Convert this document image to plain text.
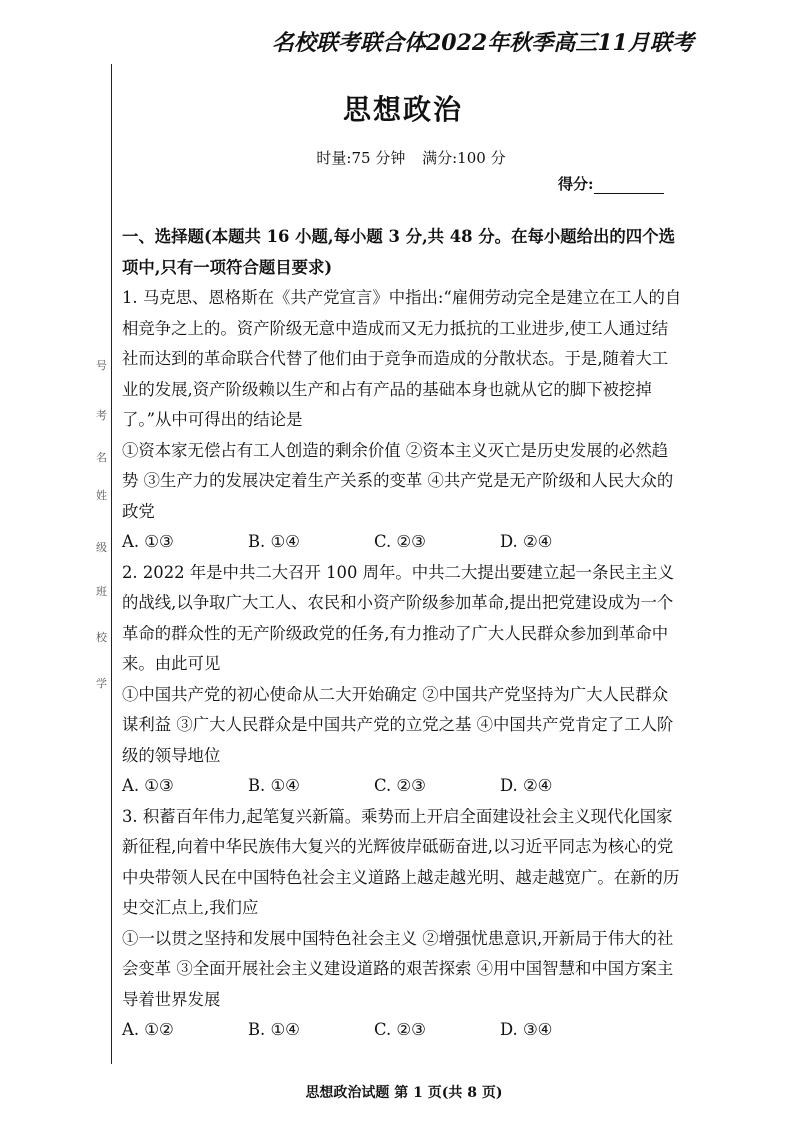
号
考
名
姓
级
班
校
学
名校联考联合体2022年秋季高三11月联考
思想政治
时量:75 分钟 满分:100 分
得分:

一、选择题(本题共 16 小题,每小题 3 分,共 48 分。在每小题给出的四个选项中,只有一项符合题目要求)

1. 马克思、恩格斯在《共产党宣言》中指出:“雇佣劳动完全是建立在工人的自相竞争之上的。资产阶级无意中造成而又无力抵抗的工业进步,使工人通过结社而达到的革命联合代替了他们由于竞争而造成的分散状态。于是,随着大工业的发展,资产阶级赖以生产和占有产品的基础本身也就从它的脚下被挖掉了。”从中可得出的结论是

①资本家无偿占有工人创造的剩余价值 ②资本主义灭亡是历史发展的必然趋势 ③生产力的发展决定着生产关系的变革 ④共产党是无产阶级和人民大众的政党

A. ①③	B. ①④	C. ②③	D. ②④

2. 2022 年是中共二大召开 100 周年。中共二大提出要建立起一条民主主义的战线,以争取广大工人、农民和小资产阶级参加革命,提出把党建设成为一个革命的群众性的无产阶级政党的任务,有力推动了广大人民群众参加到革命中来。由此可见

①中国共产党的初心使命从二大开始确定 ②中国共产党坚持为广大人民群众谋利益 ③广大人民群众是中国共产党的立党之基 ④中国共产党肯定了工人阶级的领导地位

A. ①③	B. ①④	C. ②③	D. ②④

3. 积蓄百年伟力,起笔复兴新篇。乘势而上开启全面建设社会主义现代化国家新征程,向着中华民族伟大复兴的光辉彼岸砥砺奋进,以习近平同志为核心的党中央带领人民在中国特色社会主义道路上越走越光明、越走越宽广。在新的历史交汇点上,我们应

①一以贯之坚持和发展中国特色社会主义 ②增强忧患意识,开新局于伟大的社会变革 ③全面开展社会主义建设道路的艰苦探索 ④用中国智慧和中国方案主导着世界发展

A. ①②	B. ①④	C. ②③	D. ③④
思想政治试题 第 1 页(共 8 页)
